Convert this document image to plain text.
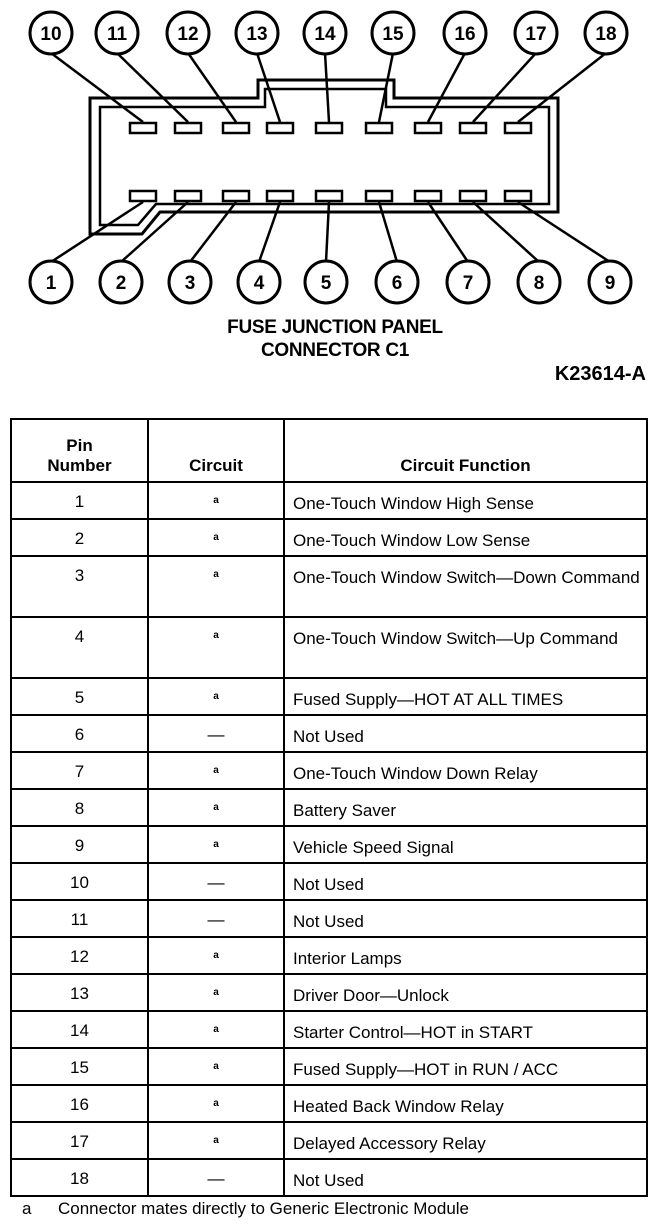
10 11	12	13 14 15	16	17	18
1	2	3	4	5	6	7	8	9
FUSE JUNCTION PANEL
CONNECTOR C1
K23614-A
Pin
Number	Circuit	Circuit Function
1	$^a$	One-Touch Window High Sense
2	$^a$	One-Touch Window Low Sense
3	$^a$	One-Touch Window Switch—Down Command
4	$^a$	One-Touch Window Switch—Up Command
5	$^a$	Fused Supply—HOT AT ALL TIMES
6	—	Not Used
7	$^a$	One-Touch Window Down Relay
8	$^a$	Battery Saver
9	$^a$	Vehicle Speed Signal
10	—	Not Used
11	—	Not Used
12	$^a$	Interior Lamps
13	$^a$	Driver Door—Unlock
14	$^a$	Starter Control—HOT in START
15	$^a$	Fused Supply—HOT in RUN / ACC
16	$^a$	Heated Back Window Relay
17	$^a$	Delayed Accessory Relay
18	—	Not Used
a Connector mates directly to Generic Electronic Module
